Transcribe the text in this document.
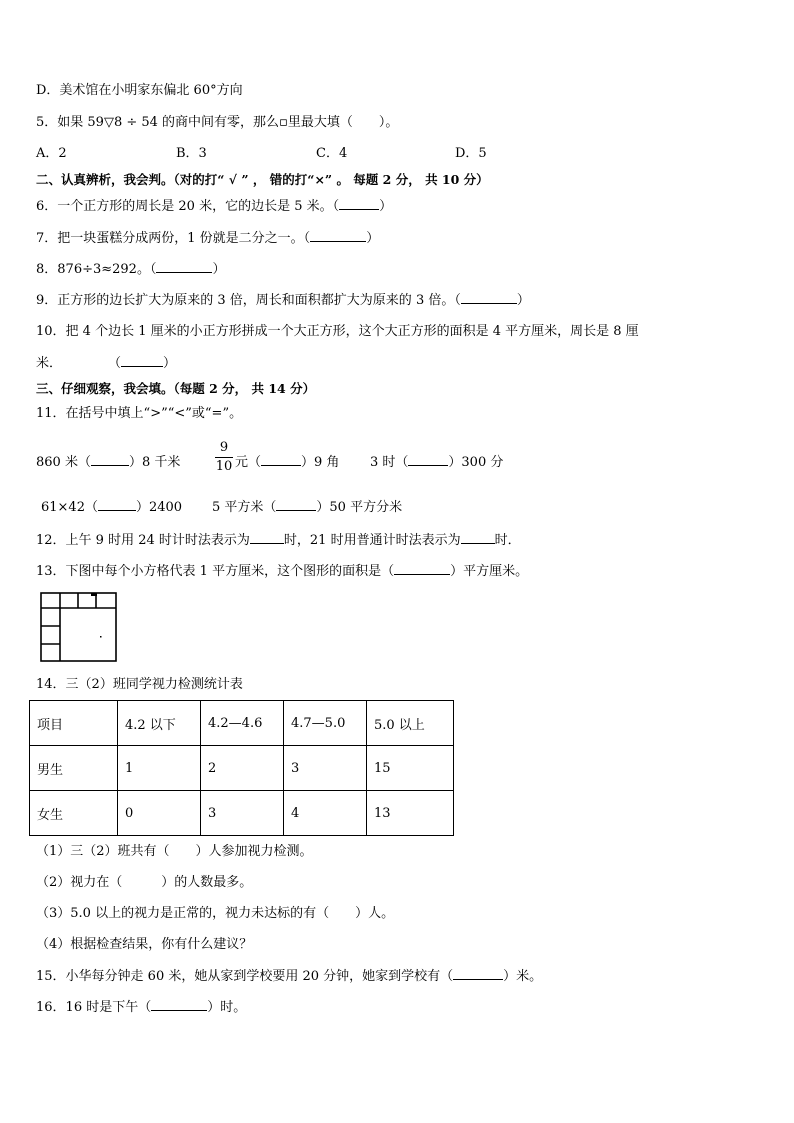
D．美术馆在小明家东偏北 60°方向
5．如果 59▽8 ÷ 54 的商中间有零，那么▫里最大填（　　）。
A．2	B．3	C．4	D．5
二、认真辨析，我会判。（对的打“ √ ” ， 错的打“×” 。 每题 2 分， 共 10 分）
6．一个正方形的周长是 20 米，它的边长是 5 米。（	）
7．把一块蛋糕分成两份，1 份就是二分之一。（	）
8．876÷3≈292。（	）
9．正方形的边长扩大为原来的 3 倍，周长和面积都扩大为原来的 3 倍。（	）
10．把 4 个边长 1 厘米的小正方形拼成一个大正方形，这个大正方形的面积是 4 平方厘米，周长是 8 厘
米．	（	）
三、仔细观察，我会填。（每题 2 分， 共 14 分）
11．在括号中填上“>”“<”或“=”。
860 米（	）8 千米
9
10 元（	）9 角 3 时（	）300 分
61×42（	）2400 5 平方米（	）50 平方分米
12．上午 9 时用 24 时计时法表示为	时，21 时用普通计时法表示为	时．
13．下图中每个小方格代表 1 平方厘米，这个图形的面积是（	）平方厘米。
14．三（2）班同学视力检测统计表
项目	4.2 以下	4.2—4.6	4.7—5.0	5.0 以上
男生	1	2	3	15
女生	0	3	4	13
（1）三（2）班共有（　　）人参加视力检测。
（2）视力在（　　　）的人数最多。
（3）5.0 以上的视力是正常的，视力未达标的有（　　）人。
（4）根据检查结果，你有什么建议？
15．小华每分钟走 60 米，她从家到学校要用 20 分钟，她家到学校有（	）米。
16．16 时是下午（	）时。
